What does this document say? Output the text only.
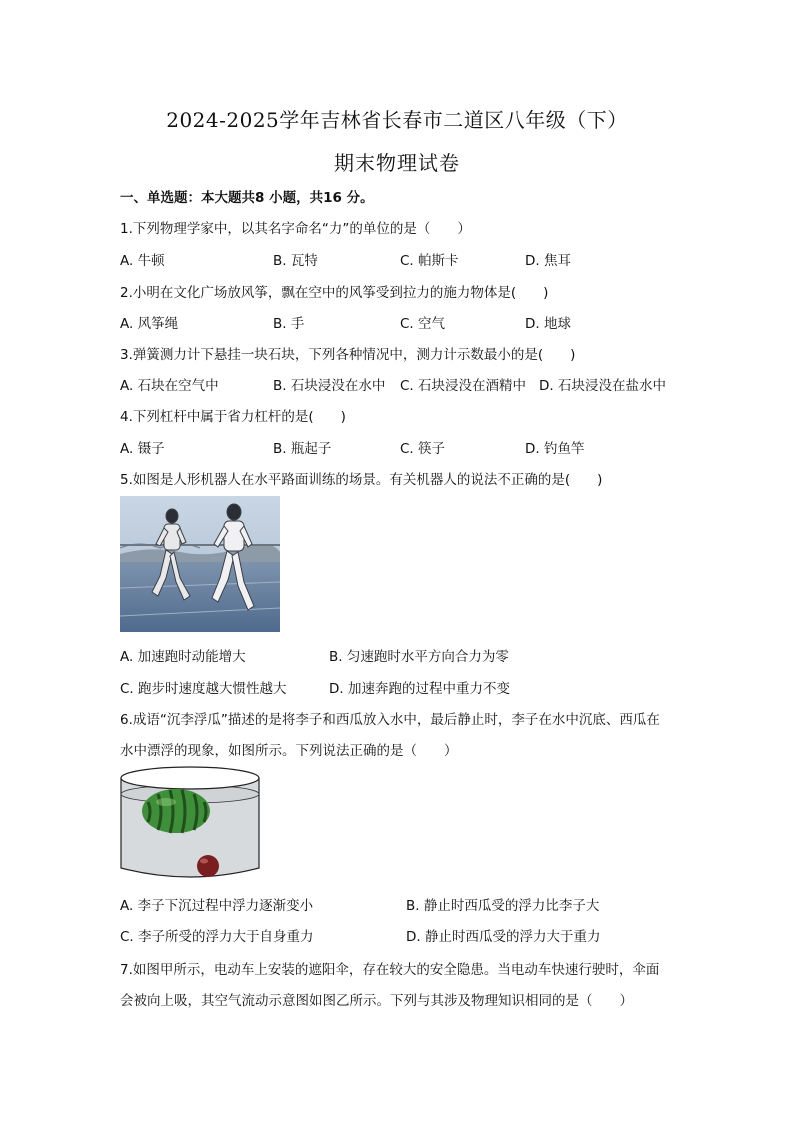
2024-2025学年吉林省长春市二道区八年级（下）
期末物理试卷
一、单选题：本大题共8 小题，共16 分。
1.下列物理学家中，以其名字命名“力”的单位的是（　　）
A. 牛顿	B. 瓦特	C. 帕斯卡	D. 焦耳
2.小明在文化广场放风筝，飘在空中的风筝受到拉力的施力物体是(　　)
A. 风筝绳	B. 手	C. 空气	D. 地球
3.弹簧测力计下悬挂一块石块，下列各种情况中，测力计示数最小的是(　　)
A. 石块在空气中	B. 石块浸没在水中 C. 石块浸没在酒精中 D. 石块浸没在盐水中
4.下列杠杆中属于省力杠杆的是(　　)
A. 镊子	B. 瓶起子	C. 筷子	D. 钓鱼竿
5.如图是人形机器人在水平路面训练的场景。有关机器人的说法不正确的是(　　)
A. 加速跑时动能增大	B. 匀速跑时水平方向合力为零
C. 跑步时速度越大惯性越大	D. 加速奔跑的过程中重力不变
6.成语“沉李浮瓜”描述的是将李子和西瓜放入水中，最后静止时，李子在水中沉底、西瓜在
水中漂浮的现象，如图所示。下列说法正确的是（　　）
A. 李子下沉过程中浮力逐渐变小	B. 静止时西瓜受的浮力比李子大
C. 李子所受的浮力大于自身重力	D. 静止时西瓜受的浮力大于重力
7.如图甲所示，电动车上安装的遮阳伞，存在较大的安全隐患。当电动车快速行驶时，伞面
会被向上吸，其空气流动示意图如图乙所示。下列与其涉及物理知识相同的是（　　）
